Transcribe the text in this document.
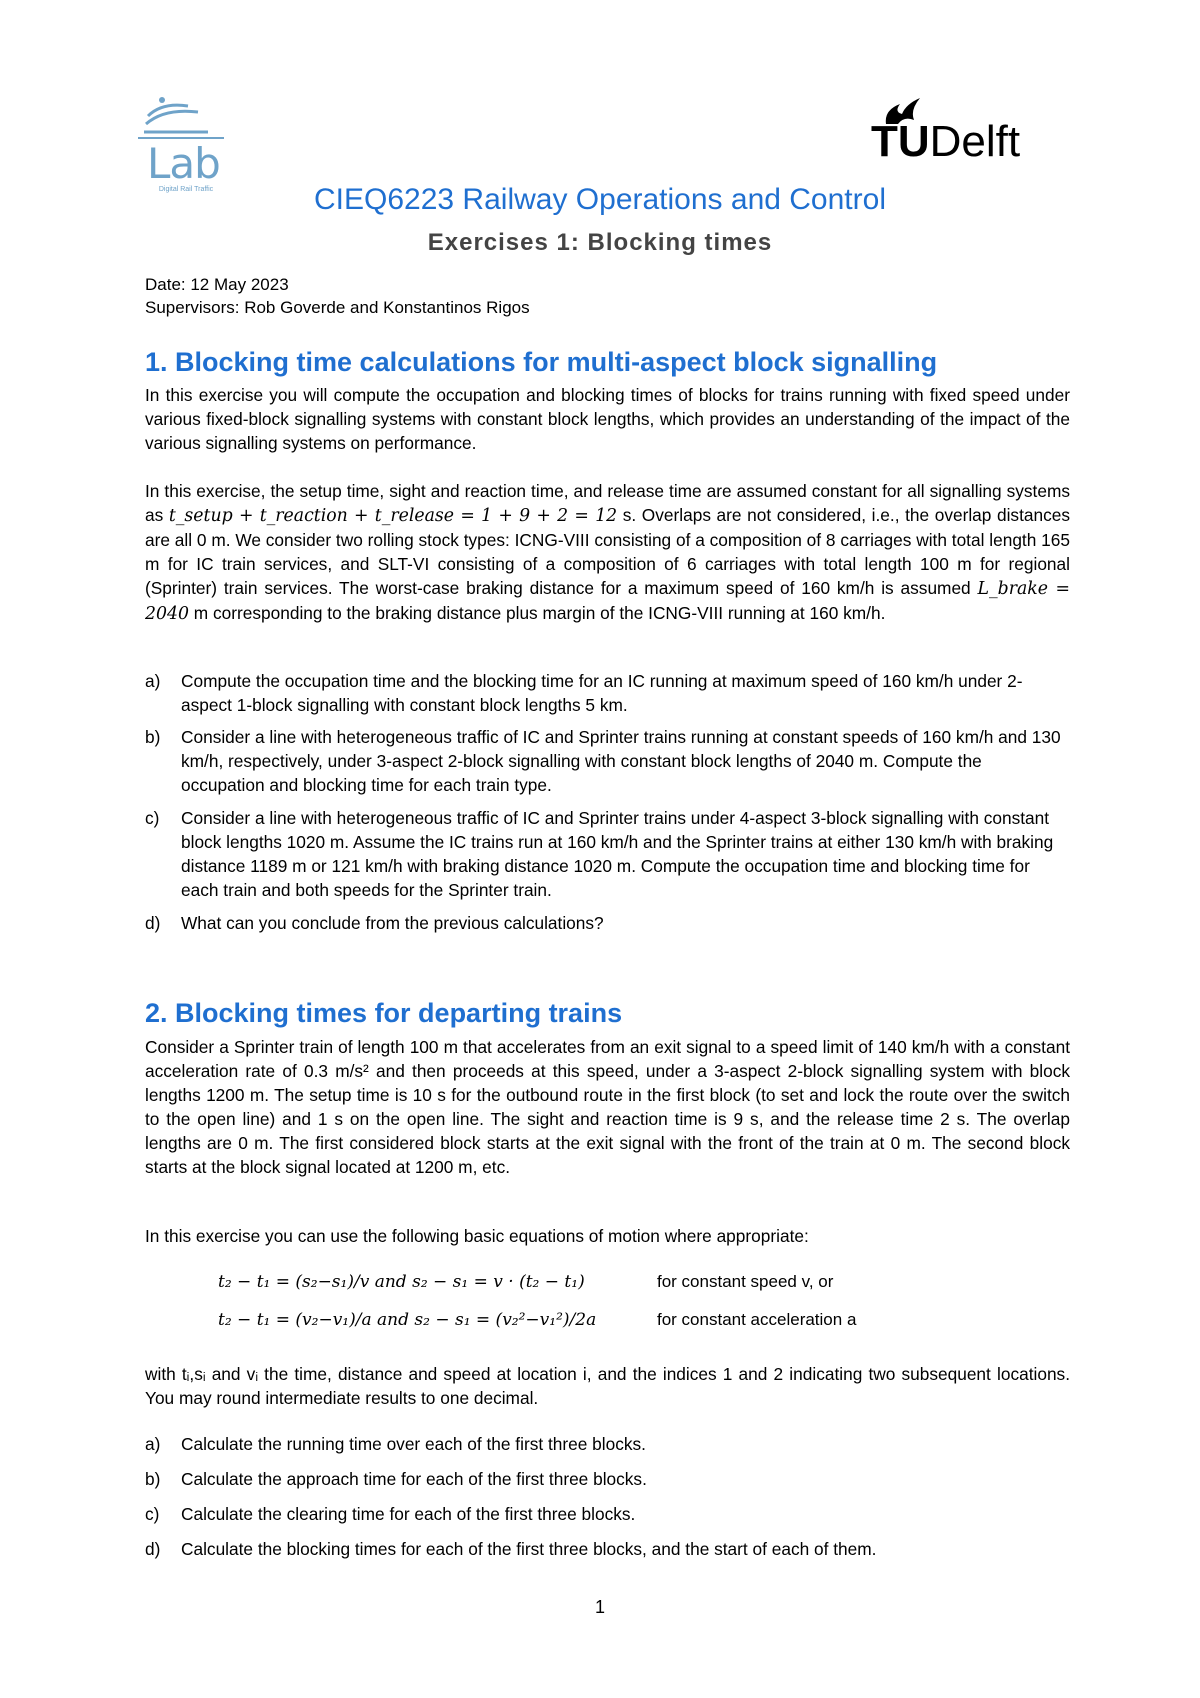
Lab
Digital Rail Traffic
TUDelft
CIEQ6223 Railway Operations and Control
Exercises 1: Blocking times
Date: 12 May 2023
Supervisors: Rob Goverde and Konstantinos Rigos
1. Blocking time calculations for multi-aspect block signalling
In this exercise you will compute the occupation and blocking times of blocks for trains running with fixed speed under various fixed-block signalling systems with constant block lengths, which provides an understanding of the impact of the various signalling systems on performance.
In this exercise, the setup time, sight and reaction time, and release time are assumed constant for all signalling systems as t_setup + t_reaction + t_release = 1 + 9 + 2 = 12 s. Overlaps are not considered, i.e., the overlap distances are all 0 m. We consider two rolling stock types: ICNG-VIII consisting of a composition of 8 carriages with total length 165 m for IC train services, and SLT-VI consisting of a composition of 6 carriages with total length 100 m for regional (Sprinter) train services. The worst-case braking distance for a maximum speed of 160 km/h is assumed L_brake = 2040 m corresponding to the braking distance plus margin of the ICNG-VIII running at 160 km/h.
a) Compute the occupation time and the blocking time for an IC running at maximum speed of 160 km/h under 2-aspect 1-block signalling with constant block lengths 5 km.
b) Consider a line with heterogeneous traffic of IC and Sprinter trains running at constant speeds of 160 km/h and 130 km/h, respectively, under 3-aspect 2-block signalling with constant block lengths of 2040 m. Compute the occupation and blocking time for each train type.
c) Consider a line with heterogeneous traffic of IC and Sprinter trains under 4-aspect 3-block signalling with constant block lengths 1020 m. Assume the IC trains run at 160 km/h and the Sprinter trains at either 130 km/h with braking distance 1189 m or 121 km/h with braking distance 1020 m. Compute the occupation time and blocking time for each train and both speeds for the Sprinter train.
d) What can you conclude from the previous calculations?
2. Blocking times for departing trains
Consider a Sprinter train of length 100 m that accelerates from an exit signal to a speed limit of 140 km/h with a constant acceleration rate of 0.3 m/s² and then proceeds at this speed, under a 3-aspect 2-block signalling system with block lengths 1200 m. The setup time is 10 s for the outbound route in the first block (to set and lock the route over the switch to the open line) and 1 s on the open line. The sight and reaction time is 9 s, and the release time 2 s. The overlap lengths are 0 m. The first considered block starts at the exit signal with the front of the train at 0 m. The second block starts at the block signal located at 1200 m, etc.
In this exercise you can use the following basic equations of motion where appropriate:
t₂ − t₁ = (s₂−s₁)/v and s₂ − s₁ = v · (t₂ − t₁)	for constant speed v, or
t₂ − t₁ = (v₂−v₁)/a and s₂ − s₁ = (v₂²−v₁²)/2a	for constant acceleration a
with tᵢ,sᵢ and vᵢ the time, distance and speed at location i, and the indices 1 and 2 indicating two subsequent locations. You may round intermediate results to one decimal.
a) Calculate the running time over each of the first three blocks.
b) Calculate the approach time for each of the first three blocks.
c) Calculate the clearing time for each of the first three blocks.
d) Calculate the blocking times for each of the first three blocks, and the start of each of them.
1
